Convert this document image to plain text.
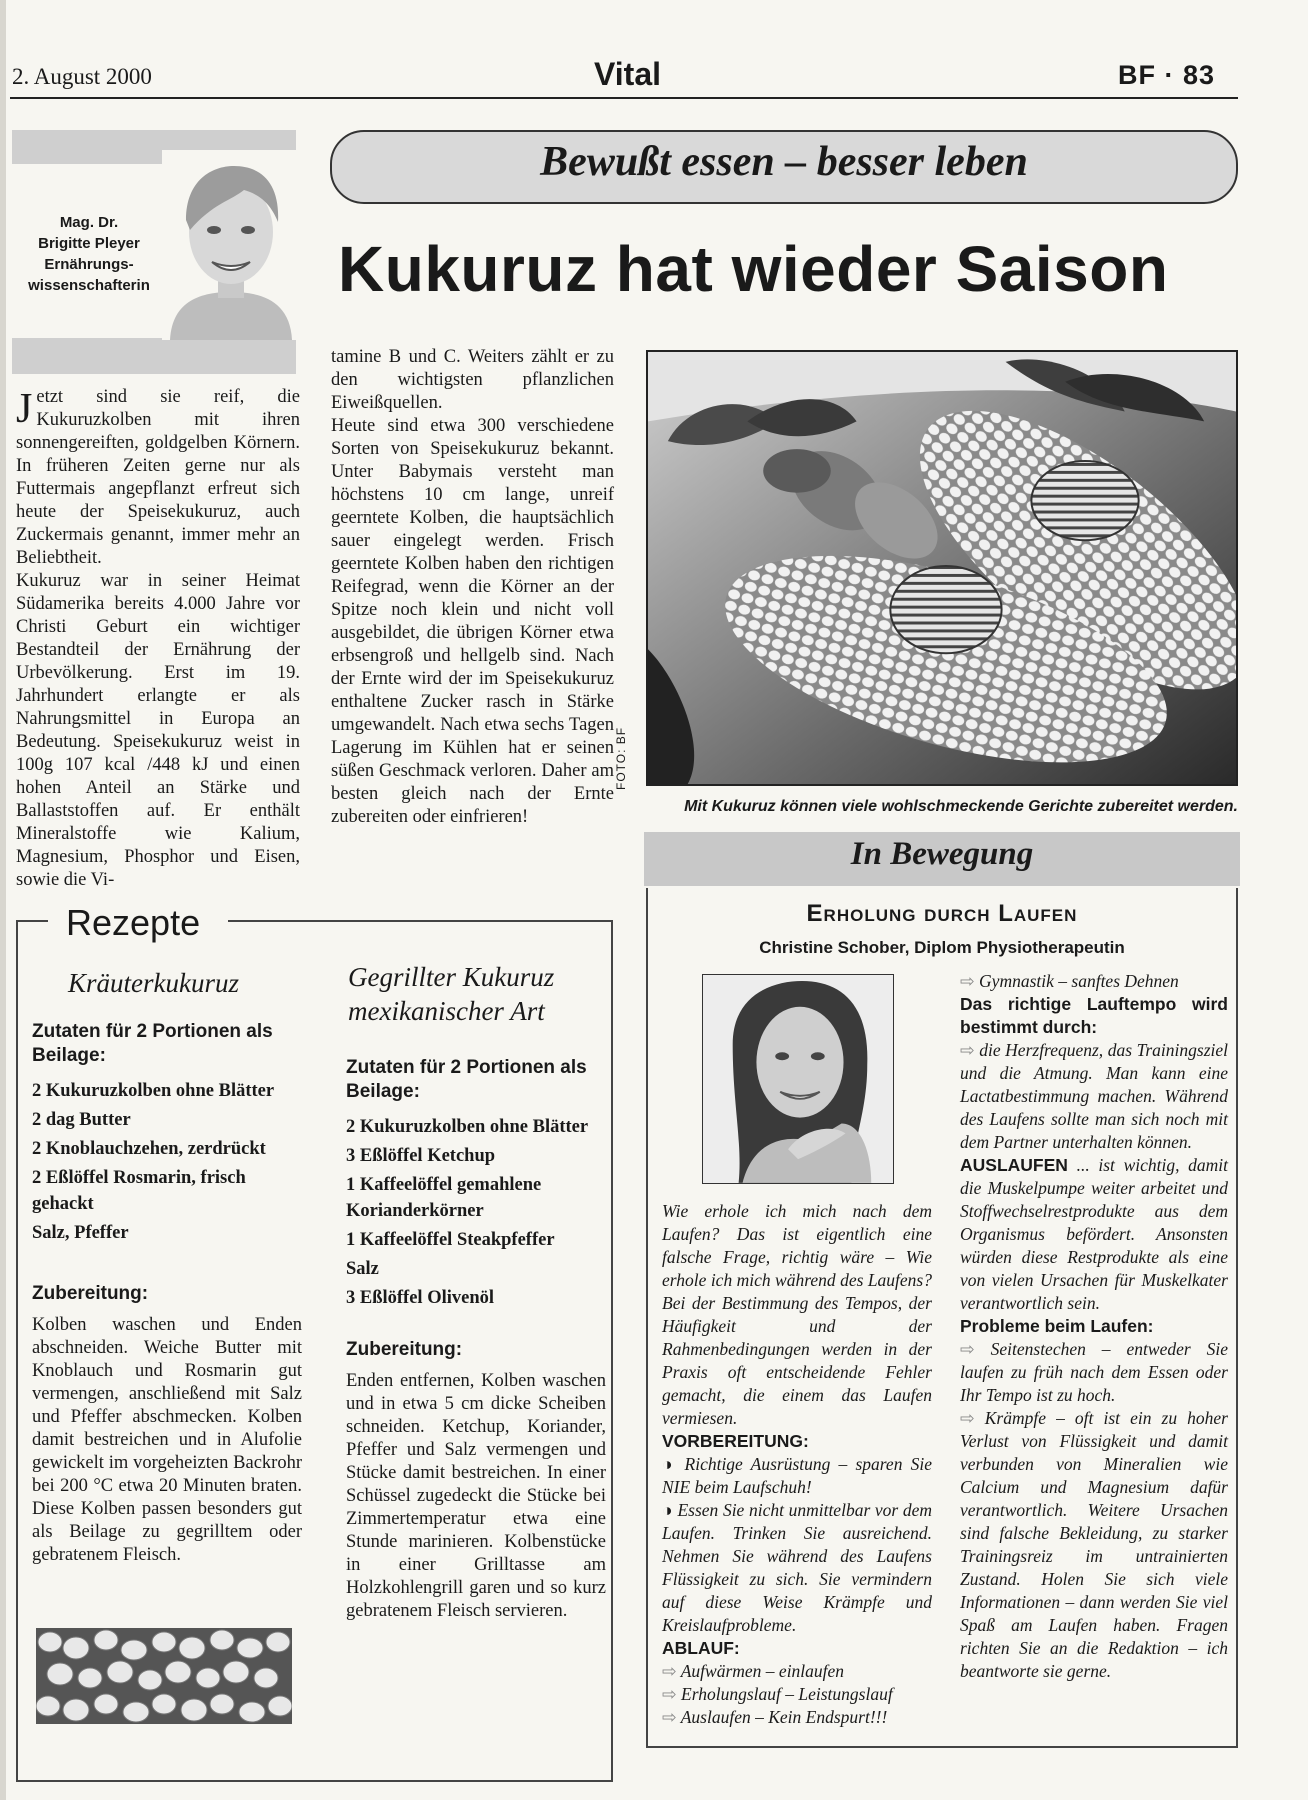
2. August 2000	Vital	BF · 83
Mag. Dr.
Brigitte Pleyer
Ernährungs-
wissenschafterin
Bewußt essen – besser leben
Kukuruz hat wieder Saison

Jetzt sind sie reif, die Kukuruzkolben mit ihren sonnengereiften, goldgelben Körnern. In früheren Zeiten gerne nur als Futtermais angepflanzt erfreut sich heute der Speisekukuruz, auch Zuckermais genannt, immer mehr an Beliebtheit.

Kukuruz war in seiner Heimat Südamerika bereits 4.000 Jahre vor Christi Geburt ein wichtiger Bestandteil der Ernährung der Urbevölkerung. Erst im 19. Jahrhundert erlangte er als Nahrungsmittel in Europa an Bedeutung. Speisekukuruz weist in 100g 107 kcal /448 kJ und einen hohen Anteil an Stärke und Ballaststoffen auf. Er enthält Mineralstoffe wie Kalium, Magnesium, Phosphor und Eisen, sowie die Vi-

tamine B und C. Weiters zählt er zu den wichtigsten pflanzlichen Eiweißquellen.

Heute sind etwa 300 verschiedene Sorten von Speisekukuruz bekannt. Unter Babymais versteht man höchstens 10 cm lange, unreif geerntete Kolben, die hauptsächlich sauer eingelegt werden. Frisch geerntete Kolben haben den richtigen Reifegrad, wenn die Körner an der Spitze noch klein und nicht voll ausgebildet, die übrigen Körner etwa erbsengroß und hellgelb sind. Nach der Ernte wird der im Speisekukuruz enthaltene Zucker rasch in Stärke umgewandelt. Nach etwa sechs Tagen Lagerung im Kühlen hat er seinen süßen Geschmack verloren. Daher am besten gleich nach der Ernte zubereiten oder einfrieren!

FOTO: BF
Mit Kukuruz können viele wohlschmeckende Gerichte zubereitet werden.
Rezepte
Kräuterkukuruz
Zutaten für 2 Portionen als Beilage:
2 Kukuruzkolben ohne Blätter
2 dag Butter
2 Knoblauchzehen, zerdrückt
2 Eßlöffel Rosmarin, frisch gehackt
Salz, Pfeffer
Zubereitung:
Kolben waschen und Enden abschneiden. Weiche Butter mit Knoblauch und Rosmarin gut vermengen, anschließend mit Salz und Pfeffer abschmecken. Kolben damit bestreichen und in Alufolie gewickelt im vorgeheizten Backrohr bei 200 °C etwa 20 Minuten braten. Diese Kolben passen besonders gut als Beilage zu gegrilltem oder gebratenem Fleisch.
Gegrillter Kukuruz mexikanischer Art
Zutaten für 2 Portionen als Beilage:
2 Kukuruzkolben ohne Blätter
3 Eßlöffel Ketchup
1 Kaffeelöffel gemahlene Korianderkörner
1 Kaffeelöffel Steakpfeffer
Salz
3 Eßlöffel Olivenöl
Zubereitung:
Enden entfernen, Kolben waschen und in etwa 5 cm dicke Scheiben schneiden. Ketchup, Koriander, Pfeffer und Salz vermengen und Stücke damit bestreichen. In einer Schüssel zugedeckt die Stücke bei Zimmertemperatur etwa eine Stunde marinieren. Kolbenstücke in einer Grilltasse am Holzkohlengrill garen und so kurz gebratenem Fleisch servieren.
In Bewegung
Erholung durch Laufen
Christine Schober, Diplom Physiotherapeutin

Wie erhole ich mich nach dem Laufen? Das ist eigentlich eine falsche Frage, richtig wäre – Wie erhole ich mich während des Laufens? Bei der Bestimmung des Tempos, der Häufigkeit und der Rahmenbedingungen werden in der Praxis oft entscheidende Fehler gemacht, die einem das Laufen vermiesen.

VORBEREITUNG:

◑ Richtige Ausrüstung – sparen Sie NIE beim Laufschuh!

◑ Essen Sie nicht unmittelbar vor dem Laufen. Trinken Sie ausreichend. Nehmen Sie während des Laufens Flüssigkeit zu sich. Sie vermindern auf diese Weise Krämpfe und Kreislaufprobleme.

ABLAUF:

⇨ Aufwärmen – einlaufen

⇨ Erholungslauf – Leistungslauf

⇨ Auslaufen – Kein Endspurt!!!

⇨ Gymnastik – sanftes Dehnen

Das richtige Lauftempo wird bestimmt durch:

⇨ die Herzfrequenz, das Trainingsziel und die Atmung. Man kann eine Lactatbestimmung machen. Während des Laufens sollte man sich noch mit dem Partner unterhalten können.

AUSLAUFEN ... ist wichtig, damit die Muskelpumpe weiter arbeitet und Stoffwechselrestprodukte aus dem Organismus befördert. Ansonsten würden diese Restprodukte als eine von vielen Ursachen für Muskelkater verantwortlich sein.

Probleme beim Laufen:

⇨ Seitenstechen – entweder Sie laufen zu früh nach dem Essen oder Ihr Tempo ist zu hoch.

⇨ Krämpfe – oft ist ein zu hoher Verlust von Flüssigkeit und damit verbunden von Mineralien wie Calcium und Magnesium dafür verantwortlich. Weitere Ursachen sind falsche Bekleidung, zu starker Trainingsreiz im untrainierten Zustand. Holen Sie sich viele Informationen – dann werden Sie viel Spaß am Laufen haben. Fragen richten Sie an die Redaktion – ich beantworte sie gerne.
